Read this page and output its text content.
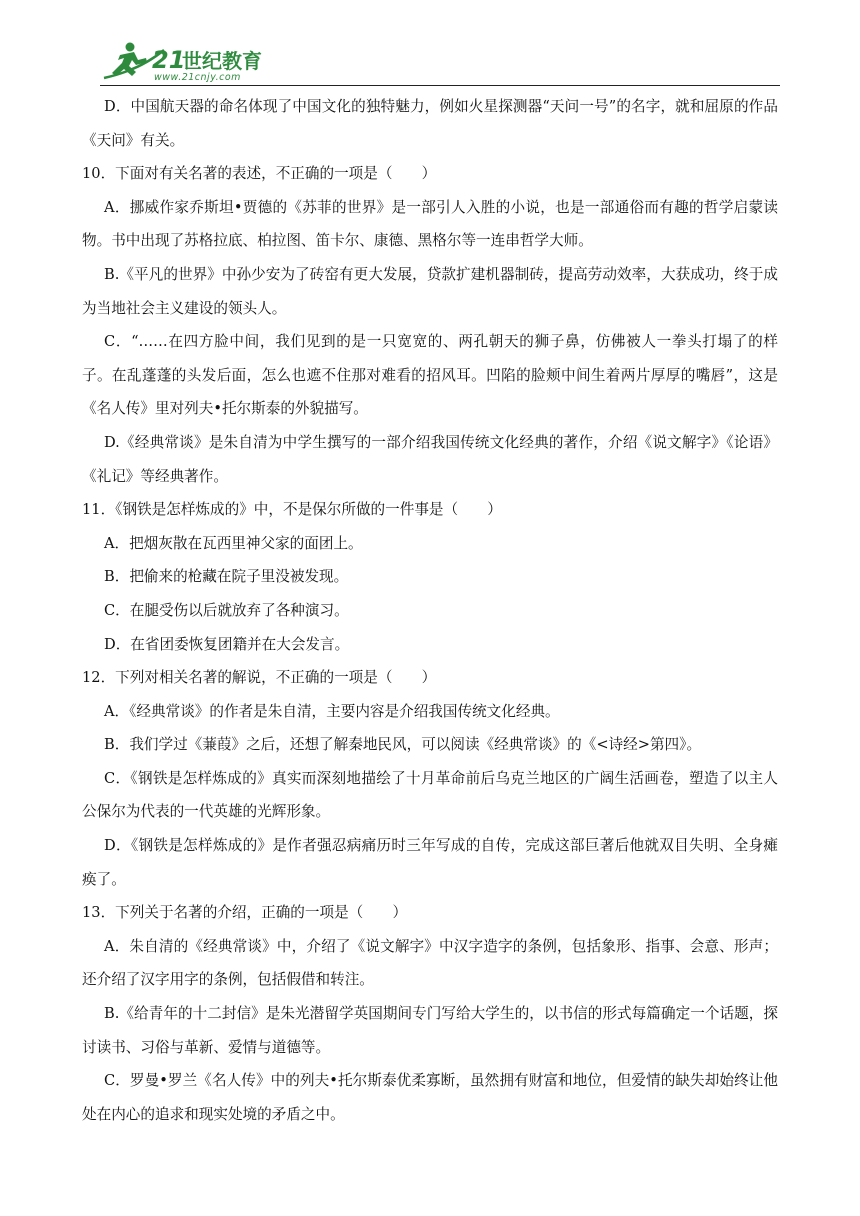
21
世纪教育
www.21cnjy.com

D．中国航天器的命名体现了中国文化的独特魅力，例如火星探测器“天问一号”的名字，就和屈原的作品《天问》有关。

10．下面对有关名著的表述，不正确的一项是（　　）

A．挪威作家乔斯坦•贾德的《苏菲的世界》是一部引人入胜的小说，也是一部通俗而有趣的哲学启蒙读物。书中出现了苏格拉底、柏拉图、笛卡尔、康德、黑格尔等一连串哲学大师。

B.《平凡的世界》中孙少安为了砖窑有更大发展，贷款扩建机器制砖，提高劳动效率，大获成功，终于成为当地社会主义建设的领头人。

C．“……在四方脸中间，我们见到的是一只宽宽的、两孔朝天的狮子鼻，仿佛被人一拳头打塌了的样子。在乱蓬蓬的头发后面，怎么也遮不住那对难看的招风耳。凹陷的脸颊中间生着两片厚厚的嘴唇”，这是《名人传》里对列夫•托尔斯泰的外貌描写。

D.《经典常谈》是朱自清为中学生撰写的一部介绍我国传统文化经典的著作，介绍《说文解字》《论语》《礼记》等经典著作。

11．《钢铁是怎样炼成的》中，不是保尔所做的一件事是（　　）

A．把烟灰散在瓦西里神父家的面团上。

B．把偷来的枪藏在院子里没被发现。

C．在腿受伤以后就放弃了各种演习。

D．在省团委恢复团籍并在大会发言。

12．下列对相关名著的解说，不正确的一项是（　　）

A．《经典常谈》的作者是朱自清，主要内容是介绍我国传统文化经典。

B．我们学过《蒹葭》之后，还想了解秦地民风，可以阅读《经典常谈》的《<诗经>第四》。

C．《钢铁是怎样炼成的》真实而深刻地描绘了十月革命前后乌克兰地区的广阔生活画卷，塑造了以主人公保尔为代表的一代英雄的光辉形象。

D．《钢铁是怎样炼成的》是作者强忍病痛历时三年写成的自传，完成这部巨著后他就双目失明、全身瘫痪了。

13．下列关于名著的介绍，正确的一项是（　　）

A．朱自清的《经典常谈》中，介绍了《说文解字》中汉字造字的条例，包括象形、指事、会意、形声；还介绍了汉字用字的条例，包括假借和转注。

B.《给青年的十二封信》是朱光潜留学英国期间专门写给大学生的，以书信的形式每篇确定一个话题，探讨读书、习俗与革新、爱情与道德等。

C．罗曼•罗兰《名人传》中的列夫•托尔斯泰优柔寡断，虽然拥有财富和地位，但爱情的缺失却始终让他处在内心的追求和现实处境的矛盾之中。
